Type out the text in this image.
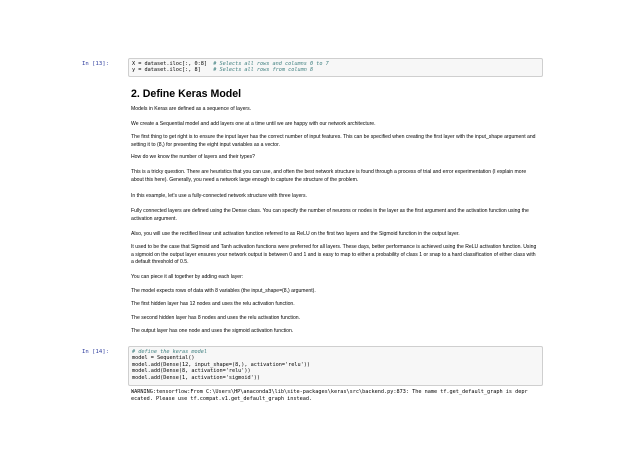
In [13]:	X = dataset.iloc[:, 0:8]  # Selects all rows and columns 0 to 7
y = dataset.iloc[:, 8]    # Selects all rows from column 8
2. Define Keras Model

Models in Keras are defined as a sequence of layers.

We create a Sequential model and add layers one at a time until we are happy with our network architecture.

The first thing to get right is to ensure the input layer has the correct number of input features. This can be specified when creating the first layer with the input_shape argument and setting it to (8,) for presenting the eight input variables as a vector.

How do we know the number of layers and their types?

This is a tricky question. There are heuristics that you can use, and often the best network structure is found through a process of trial and error experimentation (I explain more about this here). Generally, you need a network large enough to capture the structure of the problem.

In this example, let's use a fully-connected network structure with three layers.

Fully connected layers are defined using the Dense class. You can specify the number of neurons or nodes in the layer as the first argument and the activation function using the activation argument.

Also, you will use the rectified linear unit activation function referred to as ReLU on the first two layers and the Sigmoid function in the output layer.

It used to be the case that Sigmoid and Tanh activation functions were preferred for all layers. These days, better performance is achieved using the ReLU activation function. Using a sigmoid on the output layer ensures your network output is between 0 and 1 and is easy to map to either a probability of class 1 or snap to a hard classification of either class with a default threshold of 0.5.

You can piece it all together by adding each layer:

The model expects rows of data with 8 variables (the input_shape=(8,) argument).

The first hidden layer has 12 nodes and uses the relu activation function.

The second hidden layer has 8 nodes and uses the relu activation function.

The output layer has one node and uses the sigmoid activation function.

In [14]:	# define the keras model
model = Sequential()
model.add(Dense(12, input_shape=(8,), activation='relu'))
model.add(Dense(8, activation='relu'))
model.add(Dense(1, activation='sigmoid'))
WARNING:tensorflow:From C:\Users\HP\anaconda3\lib\site-packages\keras\src\backend.py:873: The name tf.get_default_graph is depr
ecated. Please use tf.compat.v1.get_default_graph instead.
